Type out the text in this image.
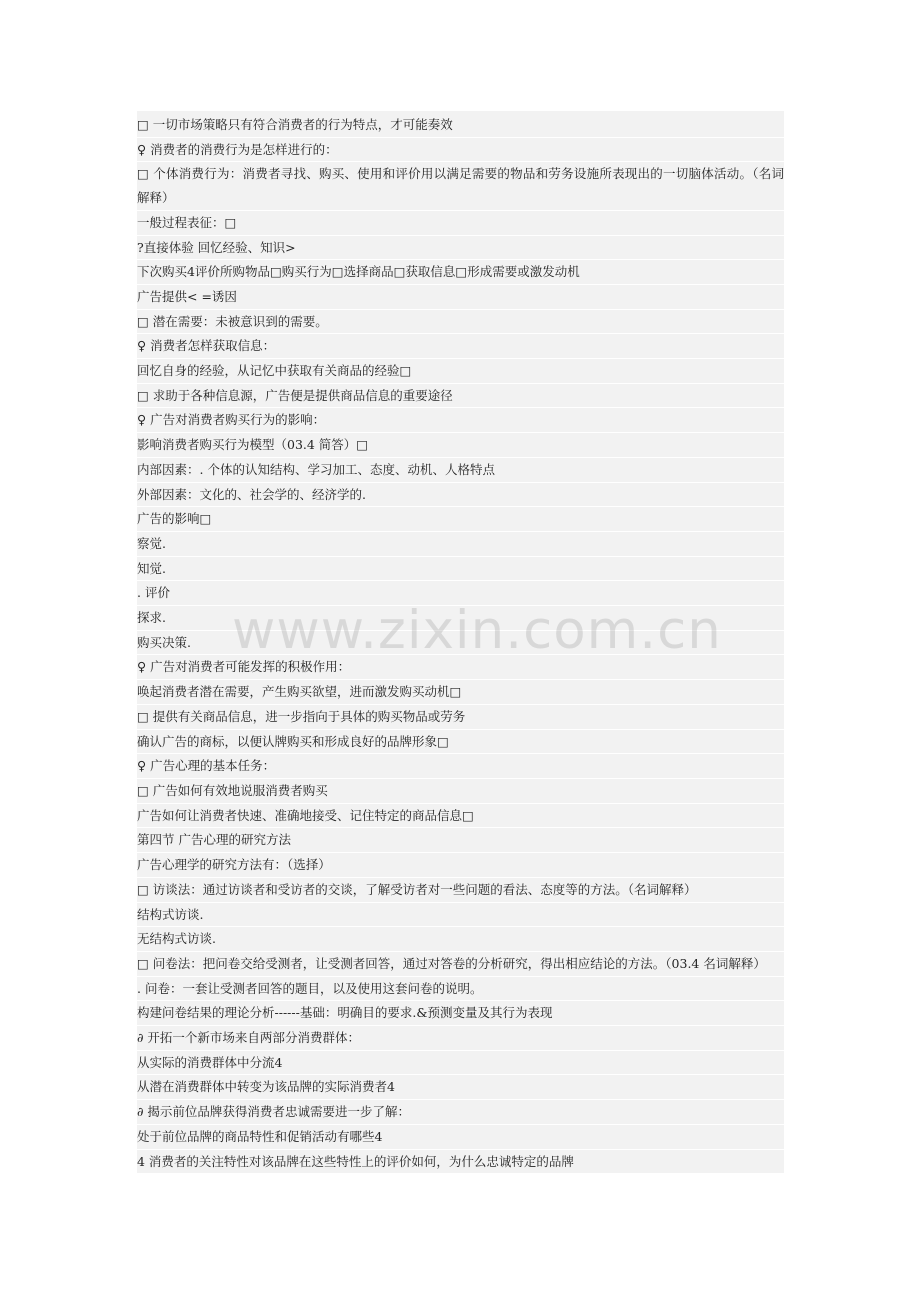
□ 一切市场策略只有符合消费者的行为特点，才可能奏效
♀ 消费者的消费行为是怎样进行的：
□ 个体消费行为：消费者寻找、购买、使用和评价用以满足需要的物品和劳务设施所表现出的一切脑体活动。（名词解释）
一般过程表征：□
?直接体验 回忆经验、知识>
下次购买4评价所购物品□购买行为□选择商品□获取信息□形成需要或激发动机
广告提供< =诱因
□ 潜在需要：未被意识到的需要。
♀ 消费者怎样获取信息：
回忆自身的经验，从记忆中获取有关商品的经验□
□ 求助于各种信息源，广告便是提供商品信息的重要途径
♀ 广告对消费者购买行为的影响：
影响消费者购买行为模型（03.4 简答）□
内部因素：. 个体的认知结构、学习加工、态度、动机、人格特点
外部因素：文化的、社会学的、经济学的.
广告的影响□
察觉.
知觉.
. 评价
探求.
购买决策.
♀ 广告对消费者可能发挥的积极作用：
唤起消费者潜在需要，产生购买欲望，进而激发购买动机□
□ 提供有关商品信息，进一步指向于具体的购买物品或劳务
确认广告的商标，以便认牌购买和形成良好的品牌形象□
♀ 广告心理的基本任务：
□ 广告如何有效地说服消费者购买
广告如何让消费者快速、准确地接受、记住特定的商品信息□
第四节 广告心理的研究方法
广告心理学的研究方法有：（选择）
□ 访谈法：通过访谈者和受访者的交谈，了解受访者对一些问题的看法、态度等的方法。（名词解释）
结构式访谈.
无结构式访谈.
□ 问卷法：把问卷交给受测者，让受测者回答，通过对答卷的分析研究，得出相应结论的方法。（03.4 名词解释）
. 问卷：一套让受测者回答的题目，以及使用这套问卷的说明。
构建问卷结果的理论分析------基础：明确目的要求.&预测变量及其行为表现
∂ 开拓一个新市场来自两部分消费群体：
从实际的消费群体中分流4
从潜在消费群体中转变为该品牌的实际消费者4
∂ 揭示前位品牌获得消费者忠诚需要进一步了解：
处于前位品牌的商品特性和促销活动有哪些4
4 消费者的关注特性对该品牌在这些特性上的评价如何，为什么忠诚特定的品牌
www.zixin.com.cn
